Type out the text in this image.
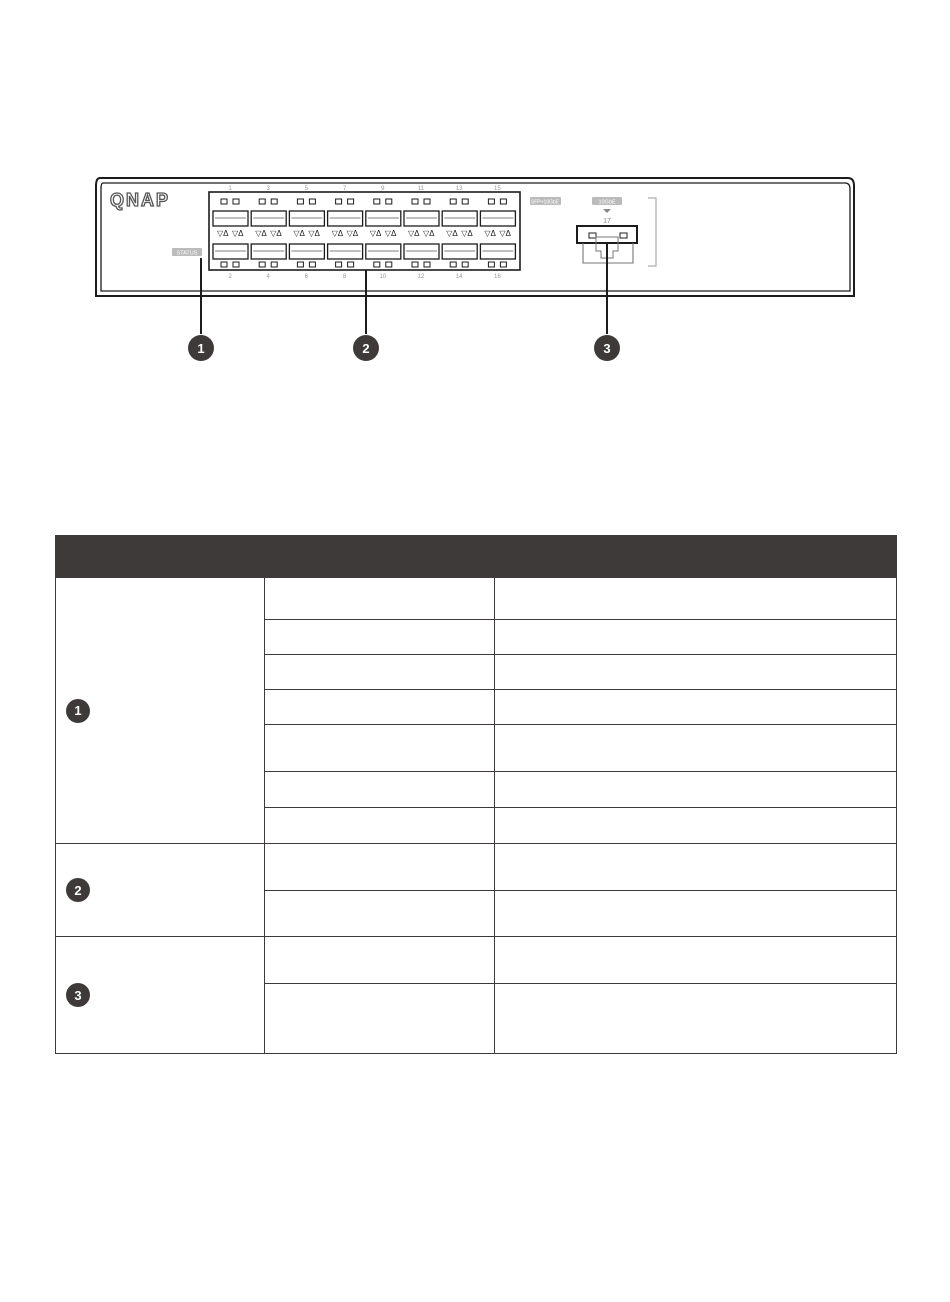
QNAP
STATUS
▽Δ ▽Δ ▽Δ ▽Δ ▽Δ ▽Δ ▽Δ ▽Δ ▽Δ ▽Δ ▽Δ ▽Δ ▽Δ ▽Δ ▽Δ ▽Δ
1
2
3
4
5
6
7
8
9
10
11
12
13
14
15
16
SFP+10GbE	10GbE
17
1	2	3

1		

2		

3		
